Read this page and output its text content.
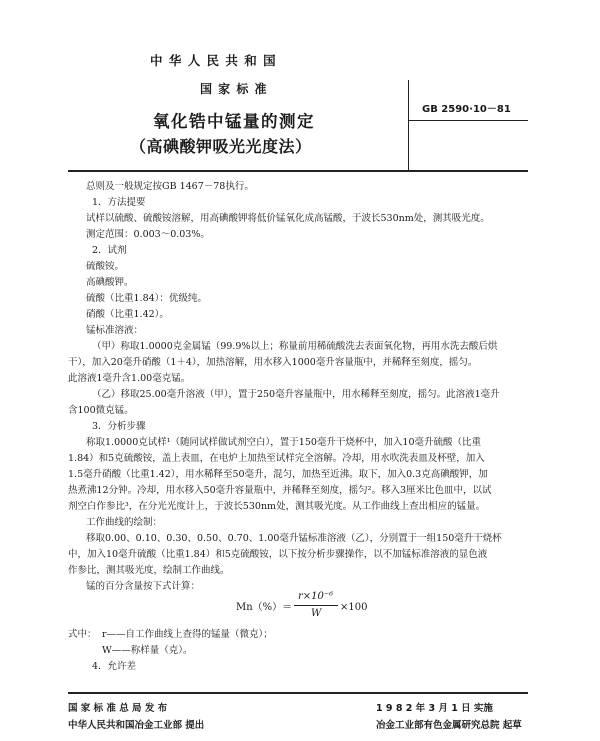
中 华 人 民 共 和 国
国 家 标 准
氧化锆中锰量的测定
（高碘酸钾吸光光度法）
GB 2590·10－81
总则及一般规定按GB 1467－78执行。
1．方法提要
试样以硫酸、硫酸铵溶解，用高碘酸钾将低价锰氧化成高锰酸，于波长530nm处，测其吸光度。
测定范围：0.003～0.03%。
2．试剂
硫酸铵。
高碘酸钾。
硫酸（比重1.84）：优级纯。
硝酸（比重1.42）。
锰标准溶液：
（甲）称取1.0000克金属锰（99.9%以上；称量前用稀硫酸洗去表面氧化物，再用水洗去酸后烘
干），加入20毫升硝酸（1＋4），加热溶解，用水移入1000毫升容量瓶中，并稀释至刻度，摇匀。
此溶液1毫升含1.00毫克锰。
（乙）移取25.00毫升溶液（甲），置于250毫升容量瓶中，用水稀释至刻度，摇匀。此溶液1毫升
含100微克锰。
3．分析步骤
称取1.0000克试样¹（随同试样做试剂空白），置于150毫升干烧杯中，加入10毫升硫酸（比重
1.84）和5克硫酸铵，盖上表皿，在电炉上加热至试样完全溶解。冷却，用水吹洗表皿及杯壁，加入
1.5毫升硝酸（比重1.42），用水稀释至50毫升，混匀，加热至近沸。取下，加入0.3克高碘酸钾，加
热煮沸12分钟。冷却，用水移入50毫升容量瓶中，并稀释至刻度，摇匀²。移入3厘米比色皿中，以试
剂空白作参比³，在分光光度计上，于波长530nm处，测其吸光度。从工作曲线上查出相应的锰量。
工作曲线的绘制：
移取0.00、0.10、0.30、0.50、0.70、1.00毫升锰标准溶液（乙），分别置于一组150毫升干烧杯
中，加入10毫升硫酸（比重1.84）和5克硫酸铵，以下按分析步骤操作，以不加锰标准溶液的显色液
作参比，测其吸光度，绘制工作曲线。
锰的百分含量按下式计算：
Mn（%）＝
r×10⁻⁶
W
×100
式中： r——自工作曲线上查得的锰量（微克）；
W——称样量（克）。
4．允许差
国 家 标 准 总 局 发 布	1 9 8 2 年 3 月 1 日 实施
中华人民共和国冶金工业部 提出	冶金工业部有色金属研究总院 起草
